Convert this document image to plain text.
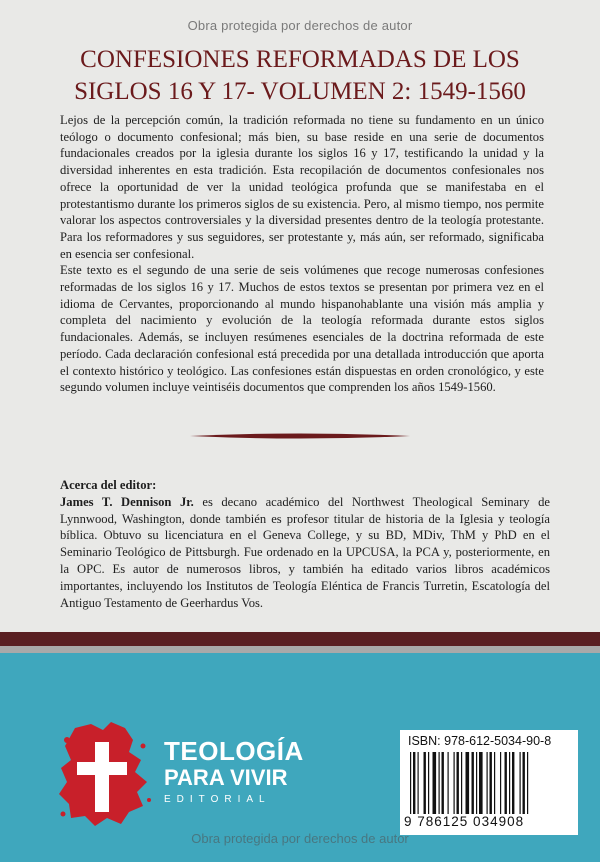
Obra protegida por derechos de autor
CONFESIONES REFORMADAS DE LOS
SIGLOS 16 Y 17- VOLUMEN 2: 1549-1560

Lejos de la percepción común, la tradición reformada no tiene su fundamento en un único teólogo o documento confesional; más bien, su base reside en una serie de documentos fundacionales creados por la iglesia durante los siglos 16 y 17, testificando la unidad y la diversidad inherentes en esta tradición. Esta recopilación de documentos confesionales nos ofrece la oportunidad de ver la unidad teológica profunda que se manifestaba en el protestantismo durante los primeros siglos de su existencia. Pero, al mismo tiempo, nos permite valorar los aspectos controversiales y la diversidad presentes dentro de la teología protestante. Para los reformadores y sus seguidores, ser protestante y, más aún, ser reformado, significaba en esencia ser confesional.

Este texto es el segundo de una serie de seis volúmenes que recoge numerosas confesiones reformadas de los siglos 16 y 17. Muchos de estos textos se presentan por primera vez en el idioma de Cervantes, proporcionando al mundo hispanohablante una visión más amplia y completa del nacimiento y evolución de la teología reformada durante estos siglos fundacionales. Además, se incluyen resúmenes esenciales de la doctrina reformada de este período. Cada declaración confesional está precedida por una detallada introducción que aporta el contexto histórico y teológico. Las confesiones están dispuestas en orden cronológico, y este segundo volumen incluye veintiséis documentos que comprenden los años 1549-1560.

Acerca del editor:

James T. Dennison Jr. es decano académico del Northwest Theological Seminary de Lynnwood, Washington, donde también es profesor titular de historia de la Iglesia y teología bíblica. Obtuvo su licenciatura en el Geneva College, y su BD, MDiv, ThM y PhD en el Seminario Teológico de Pittsburgh. Fue ordenado en la UPCUSA, la PCA y, posteriormente, en la OPC. Es autor de numerosos libros, y también ha editado varios libros académicos importantes, incluyendo los Institutos de Teología Eléntica de Francis Turretin, Escatología del Antiguo Testamento de Geerhardus Vos.

TEOLOGÍA
PARA VIVIR
EDITORIAL
ISBN: 978-612-5034-90-8
9 786125 034908
Obra protegida por derechos de autor
